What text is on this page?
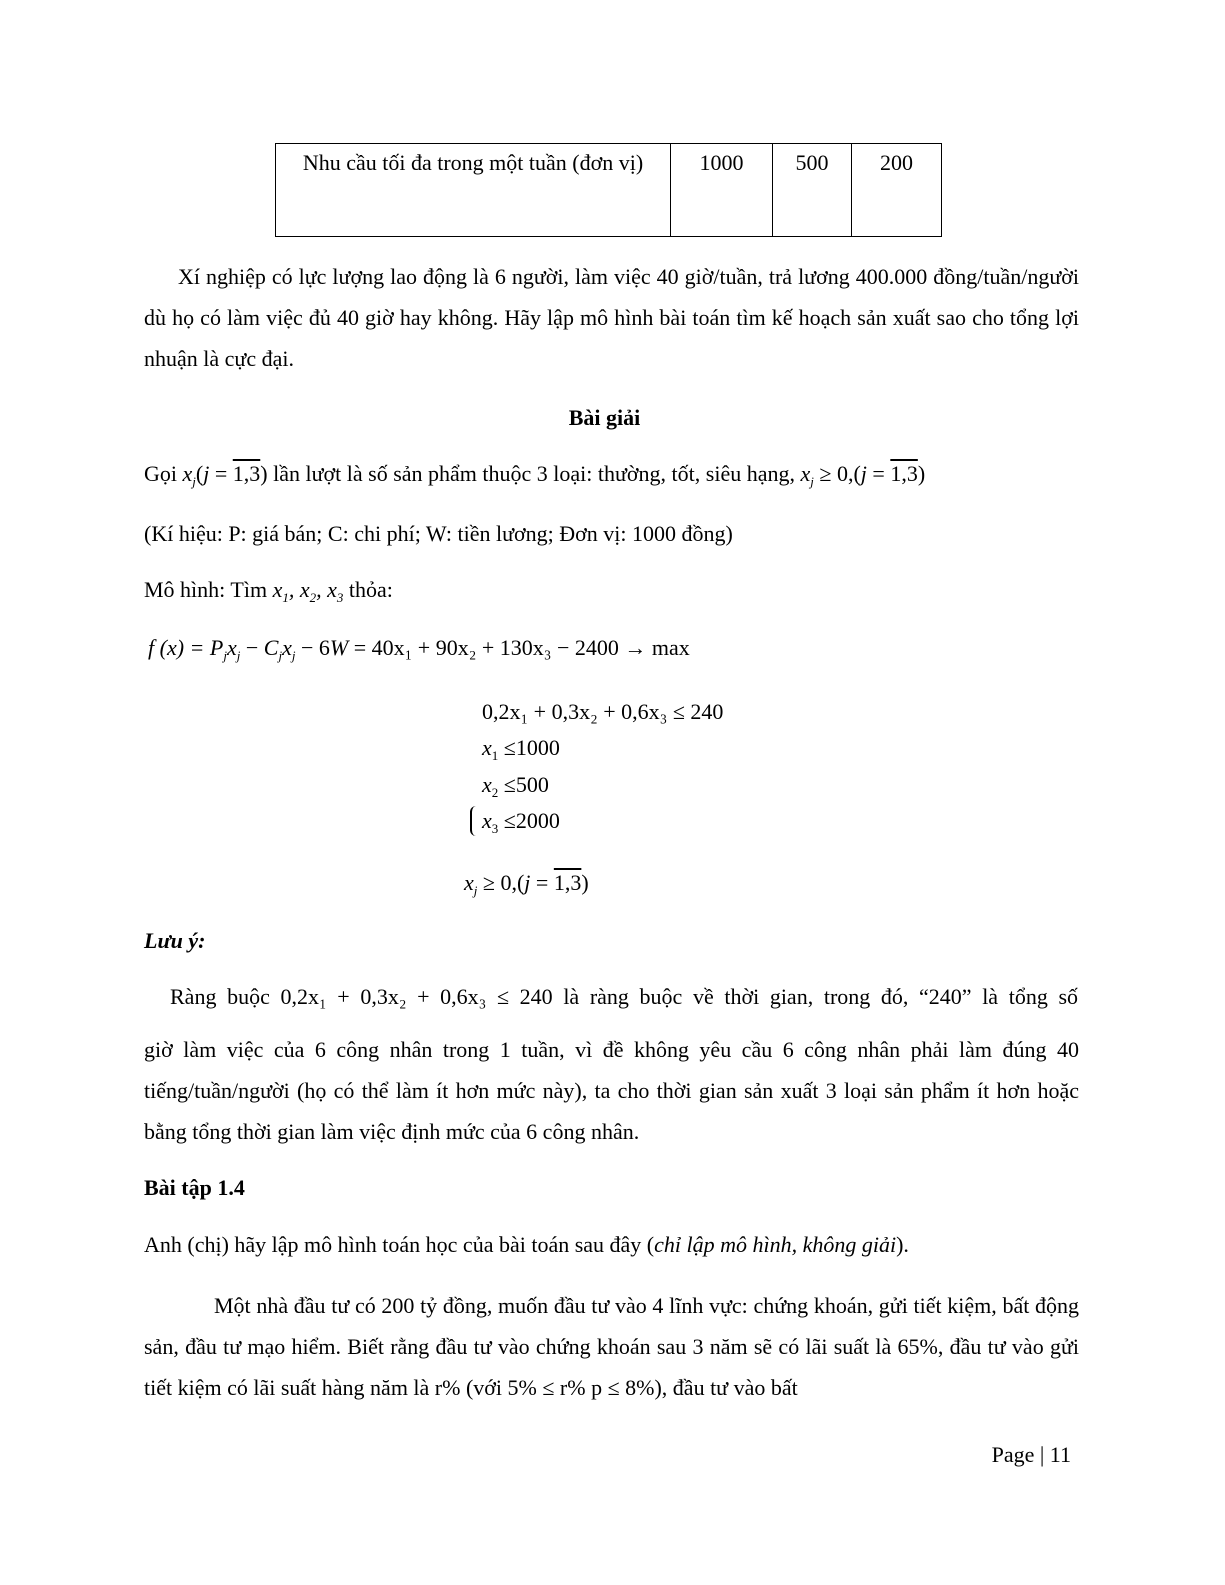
Nhu cầu tối đa trong một tuần (đơn vị)	1000	500	200
Xí nghiệp có lực lượng lao động là 6 người, làm việc 40 giờ/tuần, trả lương 400.000 đồng/tuần/người dù họ có làm việc đủ 40 giờ hay không. Hãy lập mô hình bài toán tìm kế hoạch sản xuất sao cho tổng lợi nhuận là cực đại.
Bài giải
Gọi $x_j(j = 1,3)$ lần lượt là số sản phẩm thuộc 3 loại: thường, tốt, siêu hạng, $x_j \ge 0,(j = 1,3)$
(Kí hiệu: P: giá bán; C: chi phí; W: tiền lương; Đơn vị: 1000 đồng)
Mô hình: Tìm $x_1$, $x_2$, $x_3$ thỏa:
f $(x) = P_jx_j - C_jx_j - 6W = 40x_1 + 90x_2 + 130x_3 - 2400 \to \max$
0,2x₁ + 0,3x₂ + 0,6x₃ ≤ 240
$x_1 \le 1000$
$x_2 \le 500$
$x_3 \le 2000$
$x_j \ge 0,(j = 1,3)$
Lưu ý:
Ràng buộc 0,2x₁ + 0,3x₂ + 0,6x₃ ≤ 240 là ràng buộc về thời gian, trong đó, “240” là tổng số
giờ làm việc của 6 công nhân trong 1 tuần, vì đề không yêu cầu 6 công nhân phải làm đúng 40 tiếng/tuần/người (họ có thể làm ít hơn mức này), ta cho thời gian sản xuất 3 loại sản phẩm ít hơn hoặc bằng tổng thời gian làm việc định mức của 6 công nhân.
Bài tập 1.4
Anh (chị) hãy lập mô hình toán học của bài toán sau đây (chỉ lập mô hình, không giải).
Một nhà đầu tư có 200 tỷ đồng, muốn đầu tư vào 4 lĩnh vực: chứng khoán, gửi tiết kiệm, bất động sản, đầu tư mạo hiểm. Biết rằng đầu tư vào chứng khoán sau 3 năm sẽ có lãi suất là 65%, đầu tư vào gửi tiết kiệm có lãi suất hàng năm là r% (với 5% ≤ r% p ≤ 8%), đầu tư vào bất
Page | 11
